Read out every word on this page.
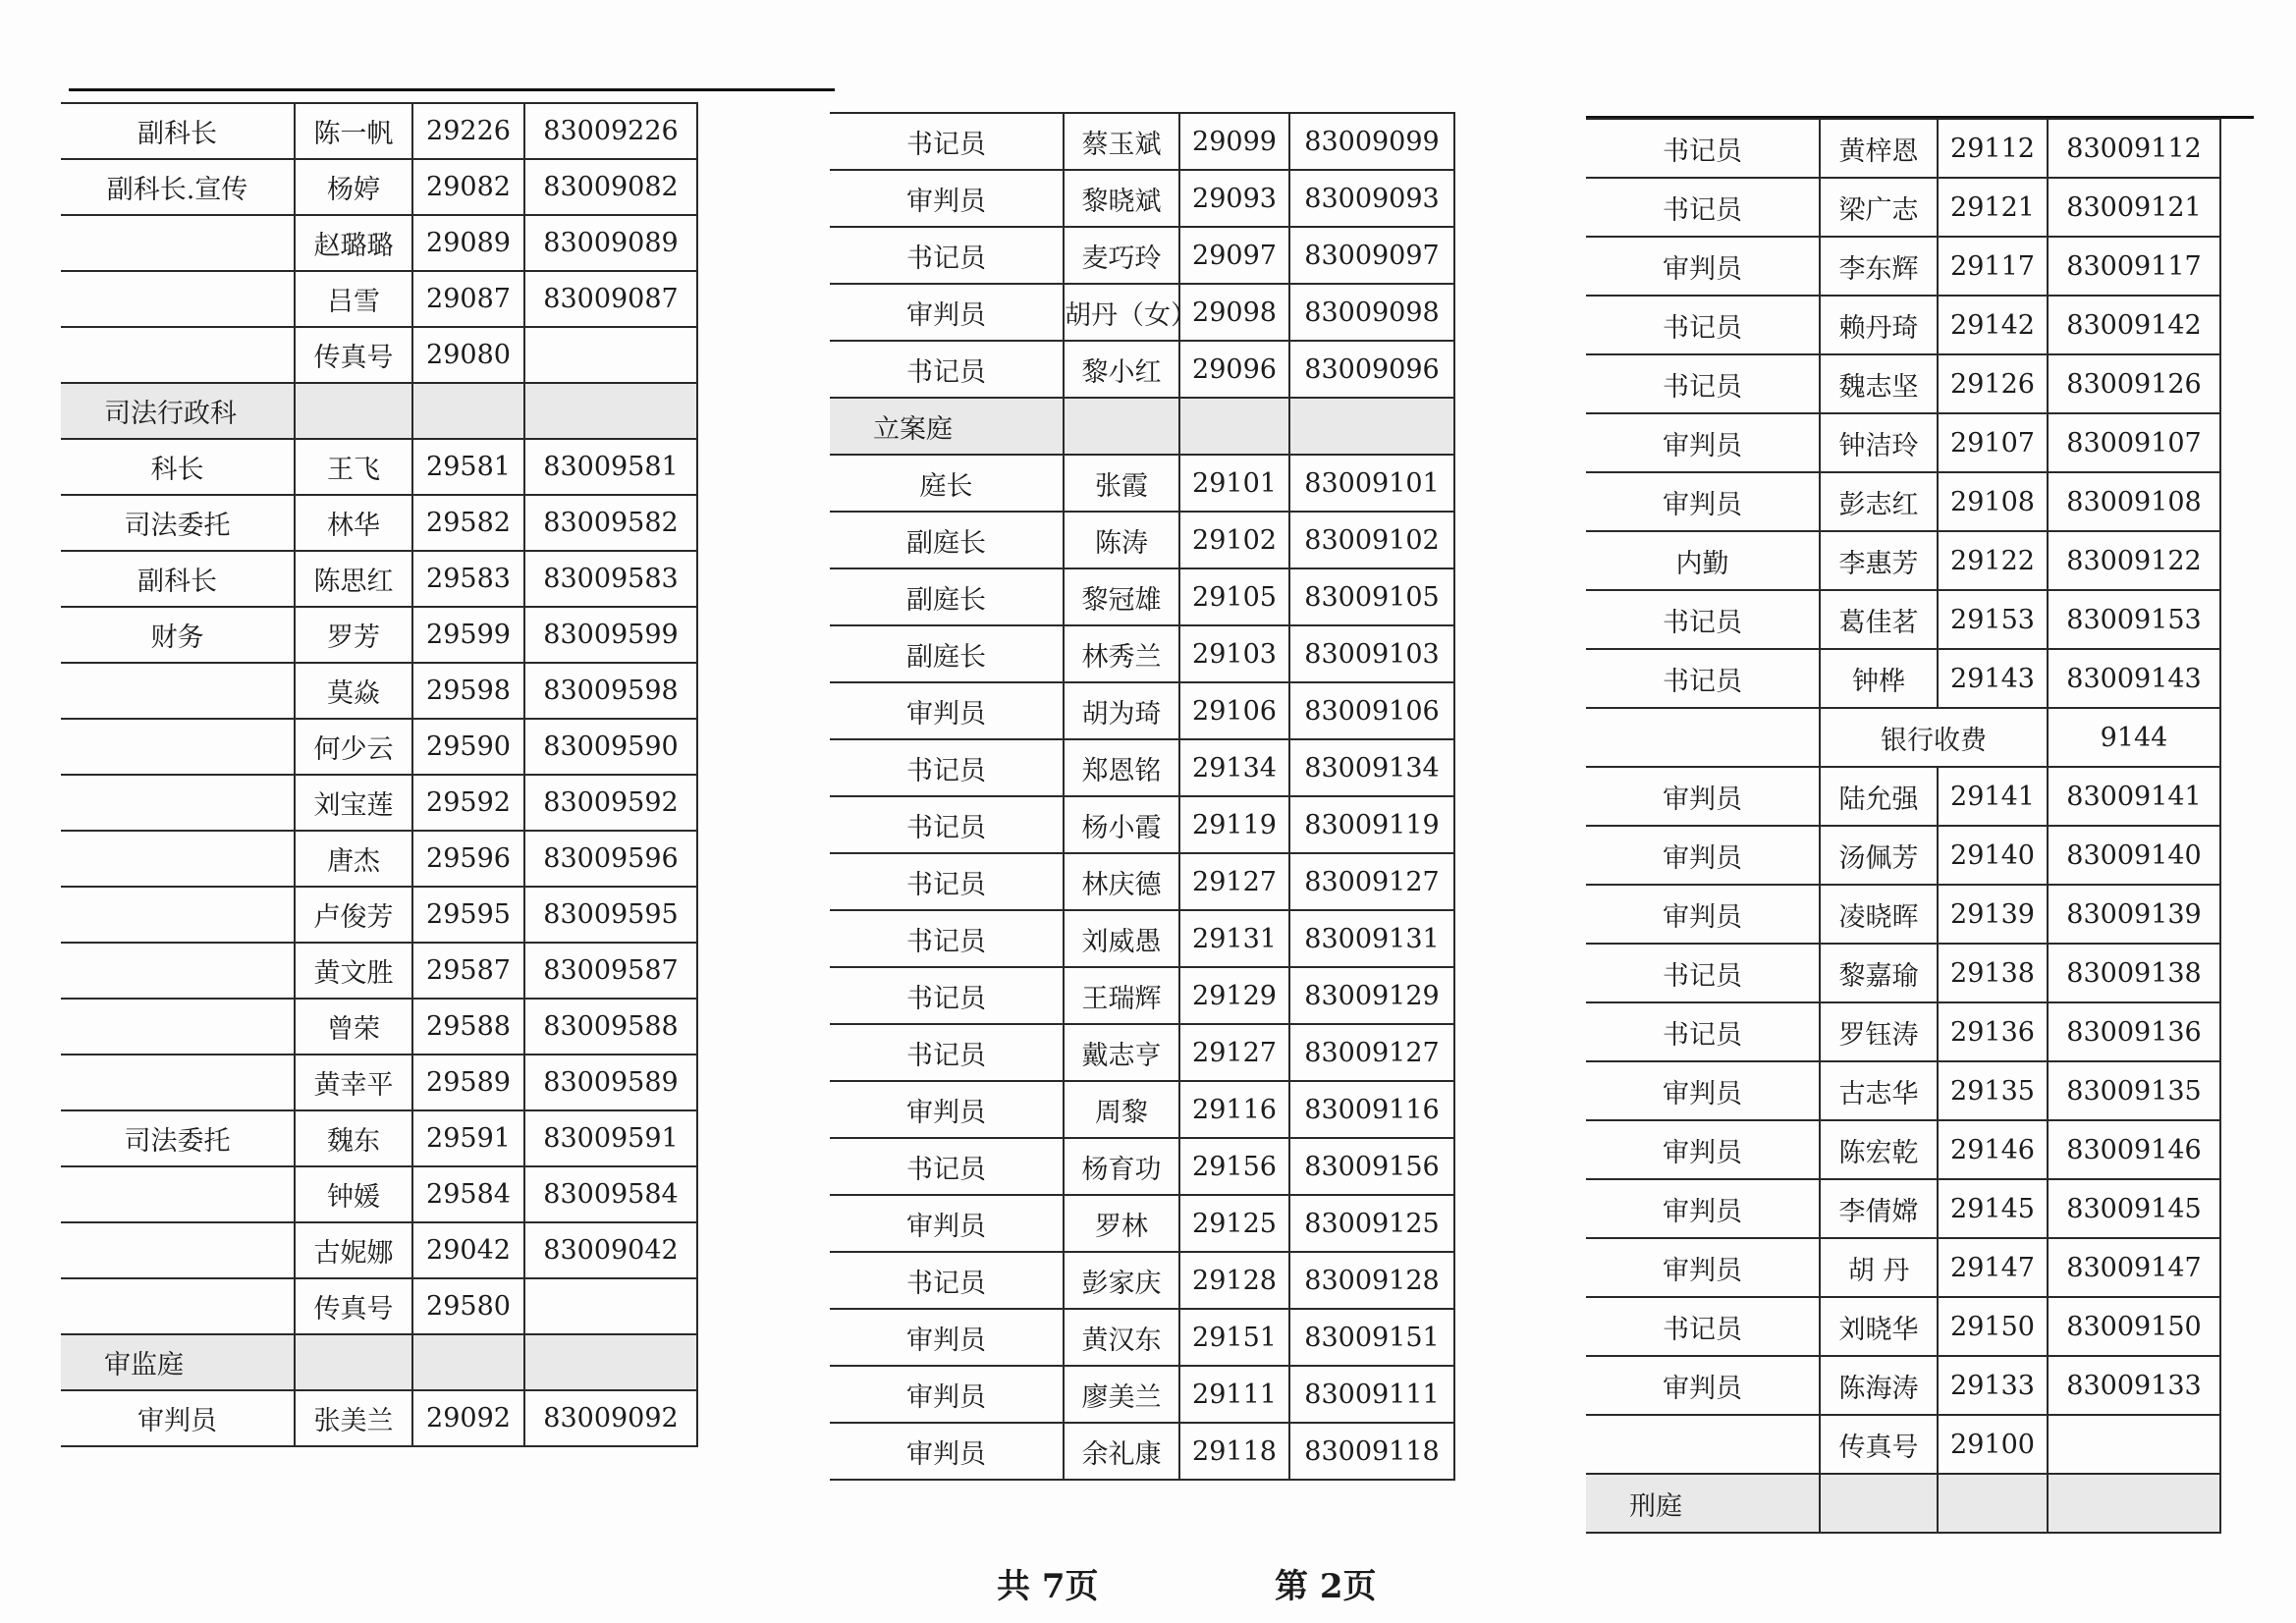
副科长	陈一帆	29226	83009226
副科长.宣传	杨婷	29082	83009082
	赵璐璐	29089	83009089
	吕雪	29087	83009087
	传真号	29080	
司法行政科			
科长	王飞	29581	83009581
司法委托	林华	29582	83009582
副科长	陈思红	29583	83009583
财务	罗芳	29599	83009599
	莫焱	29598	83009598
	何少云	29590	83009590
	刘宝莲	29592	83009592
	唐杰	29596	83009596
	卢俊芳	29595	83009595
	黄文胜	29587	83009587
	曾荣	29588	83009588
	黄幸平	29589	83009589
司法委托	魏东	29591	83009591
	钟媛	29584	83009584
	古妮娜	29042	83009042
	传真号	29580	
审监庭			
审判员	张美兰	29092	83009092
书记员	蔡玉斌	29099	83009099
审判员	黎晓斌	29093	83009093
书记员	麦巧玲	29097	83009097
审判员	胡丹（女）	29098	83009098
书记员	黎小红	29096	83009096
立案庭			
庭长	张霞	29101	83009101
副庭长	陈涛	29102	83009102
副庭长	黎冠雄	29105	83009105
副庭长	林秀兰	29103	83009103
审判员	胡为琦	29106	83009106
书记员	郑恩铭	29134	83009134
书记员	杨小霞	29119	83009119
书记员	林庆德	29127	83009127
书记员	刘威愚	29131	83009131
书记员	王瑞辉	29129	83009129
书记员	戴志亨	29127	83009127
审判员	周黎	29116	83009116
书记员	杨育功	29156	83009156
审判员	罗林	29125	83009125
书记员	彭家庆	29128	83009128
审判员	黄汉东	29151	83009151
审判员	廖美兰	29111	83009111
审判员	余礼康	29118	83009118
书记员	黄梓恩	29112	83009112
书记员	梁广志	29121	83009121
审判员	李东辉	29117	83009117
书记员	赖丹琦	29142	83009142
书记员	魏志坚	29126	83009126
审判员	钟洁玲	29107	83009107
审判员	彭志红	29108	83009108
内勤	李惠芳	29122	83009122
书记员	葛佳茗	29153	83009153
书记员	钟桦	29143	83009143
	银行收费		9144
审判员	陆允强	29141	83009141
审判员	汤佩芳	29140	83009140
审判员	凌晓晖	29139	83009139
书记员	黎嘉瑜	29138	83009138
书记员	罗钰涛	29136	83009136
审判员	古志华	29135	83009135
审判员	陈宏乾	29146	83009146
审判员	李倩嫦	29145	83009145
审判员	胡 丹	29147	83009147
书记员	刘晓华	29150	83009150
审判员	陈海涛	29133	83009133
	传真号	29100	
刑庭			
共 7页	第 2页
